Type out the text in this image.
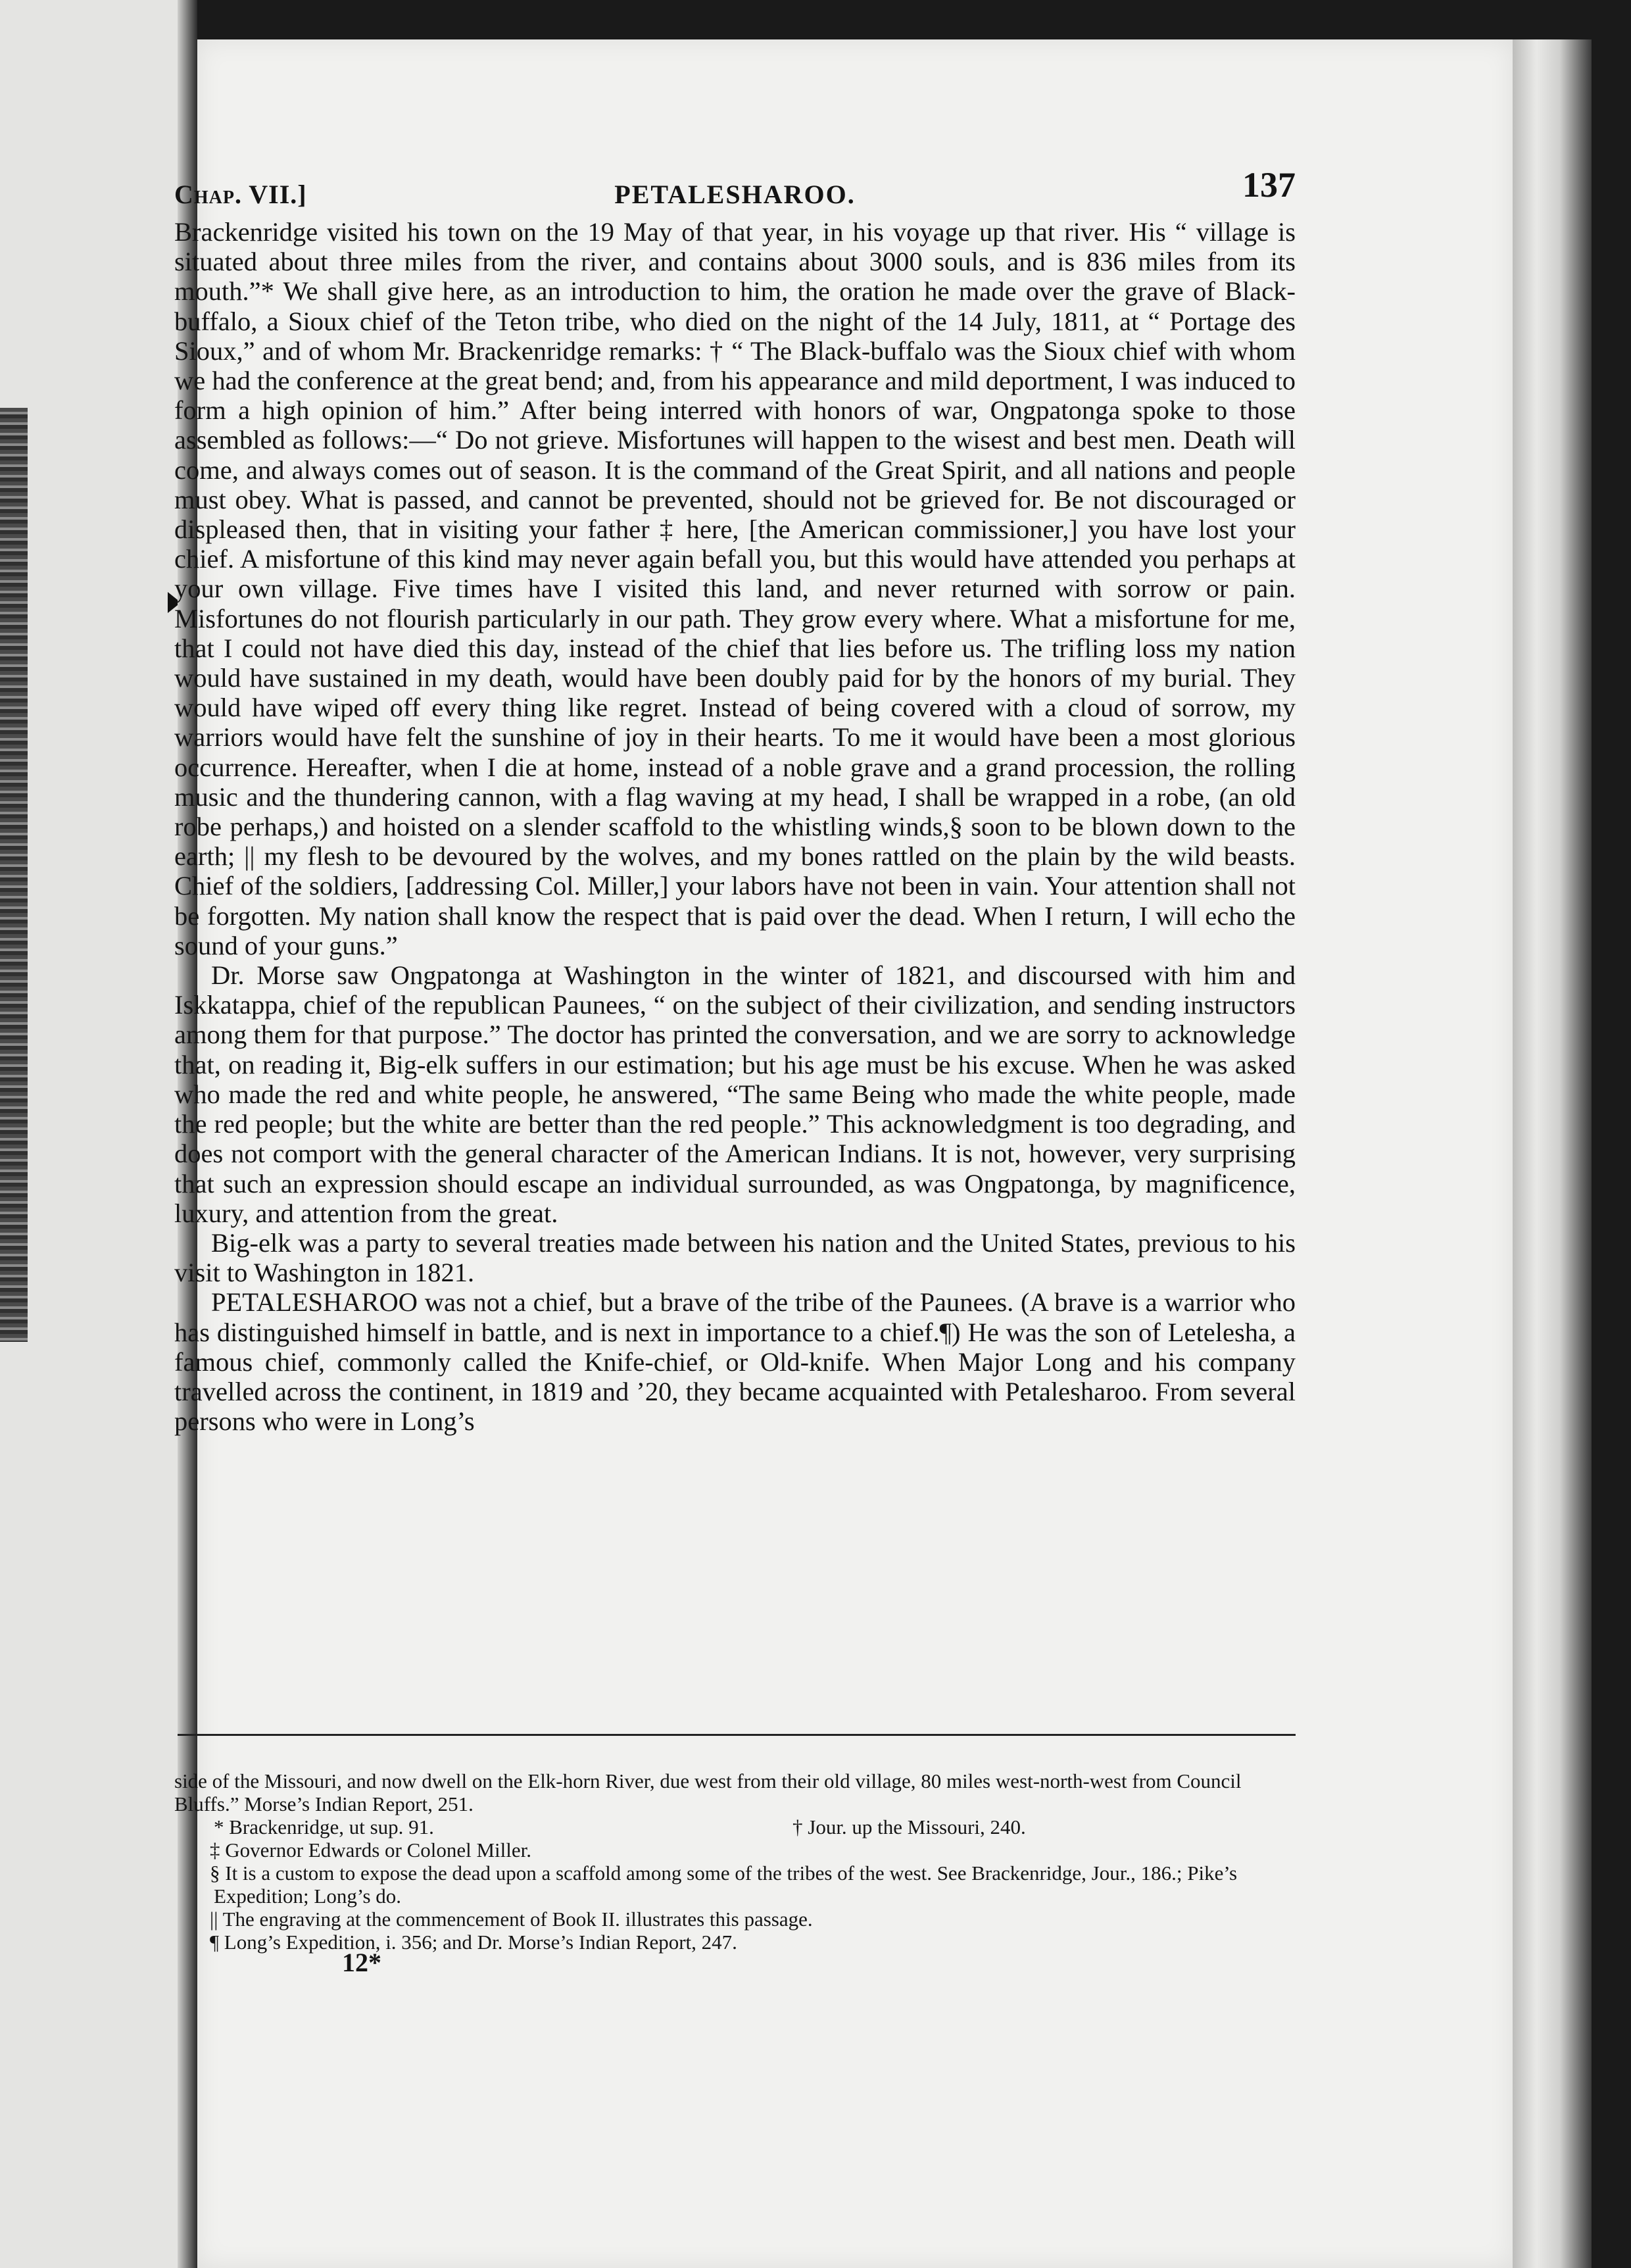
Chap. VII.]	PETALESHAROO.	137

Brackenridge visited his town on the 19 May of that year, in his voyage up that river. His “ village is situated about three miles from the river, and contains about 3000 souls, and is 836 miles from its mouth.”* We shall give here, as an introduction to him, the oration he made over the grave of Black-buffalo, a Sioux chief of the Teton tribe, who died on the night of the 14 July, 1811, at “ Portage des Sioux,” and of whom Mr. Brackenridge remarks: † “ The Black-buffalo was the Sioux chief with whom we had the conference at the great bend; and, from his appearance and mild deportment, I was induced to form a high opinion of him.” After being interred with honors of war, Ongpatonga spoke to those assembled as follows:—“ Do not grieve. Misfortunes will happen to the wisest and best men. Death will come, and always comes out of season. It is the command of the Great Spirit, and all nations and people must obey. What is passed, and cannot be prevented, should not be grieved for. Be not discouraged or displeased then, that in visiting your father ‡ here, [the American commissioner,] you have lost your chief. A misfortune of this kind may never again befall you, but this would have attended you perhaps at your own village. Five times have I visited this land, and never returned with sorrow or pain. Misfortunes do not flourish particularly in our path. They grow every where. What a misfortune for me, that I could not have died this day, instead of the chief that lies before us. The trifling loss my nation would have sustained in my death, would have been doubly paid for by the honors of my burial. They would have wiped off every thing like regret. Instead of being covered with a cloud of sorrow, my warriors would have felt the sunshine of joy in their hearts. To me it would have been a most glorious occurrence. Hereafter, when I die at home, instead of a noble grave and a grand procession, the rolling music and the thundering cannon, with a flag waving at my head, I shall be wrapped in a robe, (an old robe perhaps,) and hoisted on a slender scaffold to the whistling winds,§ soon to be blown down to the earth; || my flesh to be devoured by the wolves, and my bones rattled on the plain by the wild beasts. Chief of the soldiers, [addressing Col. Miller,] your labors have not been in vain. Your attention shall not be forgotten. My nation shall know the respect that is paid over the dead. When I return, I will echo the sound of your guns.”

Dr. Morse saw Ongpatonga at Washington in the winter of 1821, and discoursed with him and Iskkatappa, chief of the republican Paunees, “ on the subject of their civilization, and sending instructors among them for that purpose.” The doctor has printed the conversation, and we are sorry to acknowledge that, on reading it, Big-elk suffers in our estimation; but his age must be his excuse. When he was asked who made the red and white people, he answered, “The same Being who made the white people, made the red people; but the white are better than the red people.” This acknowledgment is too degrading, and does not comport with the general character of the American Indians. It is not, however, very surprising that such an expression should escape an individual surrounded, as was Ongpatonga, by magnificence, luxury, and attention from the great.

Big-elk was a party to several treaties made between his nation and the United States, previous to his visit to Washington in 1821.

PETALESHAROO was not a chief, but a brave of the tribe of the Paunees. (A brave is a warrior who has distinguished himself in battle, and is next in importance to a chief.¶) He was the son of Letelesha, a famous chief, commonly called the Knife-chief, or Old-knife. When Major Long and his company travelled across the continent, in 1819 and ’20, they became acquainted with Petalesharoo. From several persons who were in Long’s

side of the Missouri, and now dwell on the Elk-horn River, due west from their old village, 80 miles west-north-west from Council Bluffs.” Morse’s Indian Report, 251.

* Brackenridge, ut sup. 91.	† Jour. up the Missouri, 240.

‡ Governor Edwards or Colonel Miller.

§ It is a custom to expose the dead upon a scaffold among some of the tribes of the west. See Brackenridge, Jour., 186.; Pike’s Expedition; Long’s do.

|| The engraving at the commencement of Book II. illustrates this passage.

¶ Long’s Expedition, i. 356; and Dr. Morse’s Indian Report, 247.

12*
